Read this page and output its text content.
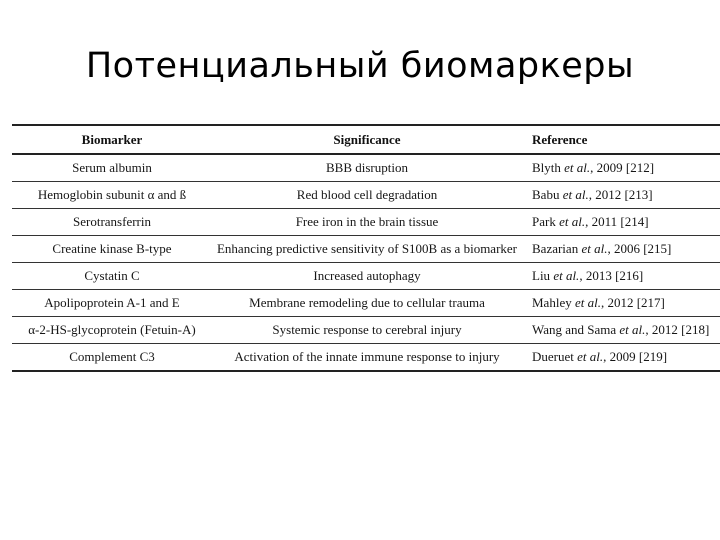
Потенциальный биомаркеры
Biomarker	Significance	Reference
Serum albumin	BBB disruption	Blyth et al., 2009 [212]
Hemoglobin subunit α and ß	Red blood cell degradation	Babu et al., 2012 [213]
Serotransferrin	Free iron in the brain tissue	Park et al., 2011 [214]
Creatine kinase B-type	Enhancing predictive sensitivity of S100B as a biomarker	Bazarian et al., 2006 [215]
Cystatin C	Increased autophagy	Liu et al., 2013 [216]
Apolipoprotein A-1 and E	Membrane remodeling due to cellular trauma	Mahley et al., 2012 [217]
α-2-HS-glycoprotein (Fetuin-A)	Systemic response to cerebral injury	Wang and Sama et al., 2012 [218]
Complement C3	Activation of the innate immune response to injury	Dueruet et al., 2009 [219]
